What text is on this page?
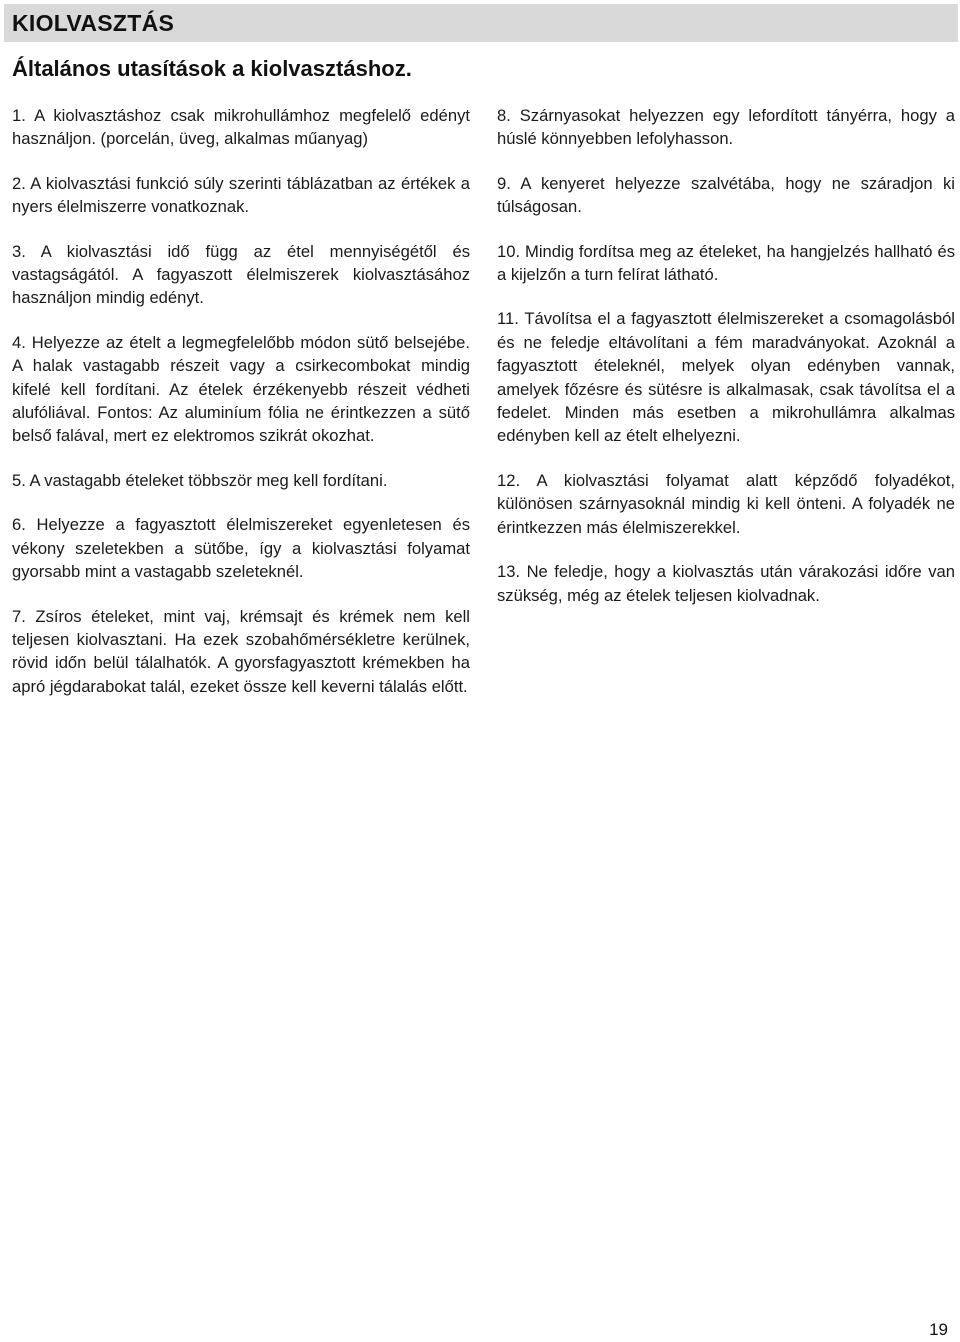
KIOLVASZTÁS
Általános utasítások a kiolvasztáshoz.

1. A kiolvasztáshoz csak mikrohullámhoz megfelelő edényt használjon. (porcelán, üveg, alkalmas műanyag)

2. A kiolvasztási funkció súly szerinti táblázatban az értékek a nyers élelmiszerre vonatkoznak.

3. A kiolvasztási idő függ az étel mennyiségétől és vastagságától. A fagyaszott élelmiszerek kiolvasztásához használjon mindig edényt.

4. Helyezze az ételt a legmegfelelőbb módon sütő belsejébe. A halak vastagabb részeit vagy a csirkecombokat mindig kifelé kell fordítani. Az ételek érzékenyebb részeit védheti alufóliával. Fontos: Az aluminíum fólia ne érintkezzen a sütő belső falával, mert ez elektromos szikrát okozhat.

5. A vastagabb ételeket többször meg kell fordítani.

6. Helyezze a fagyasztott élelmiszereket egyenletesen és vékony szeletekben a sütőbe, így a kiolvasztási folyamat gyorsabb mint a vastagabb szeleteknél.

7. Zsíros ételeket, mint vaj, krémsajt és krémek nem kell teljesen kiolvasztani. Ha ezek szobahőmérsékletre kerülnek, rövid időn belül tálalhatók. A gyorsfagyasztott krémekben ha apró jégdarabokat talál, ezeket össze kell keverni tálalás előtt.

8. Szárnyasokat helyezzen egy lefordított tányérra, hogy a húslé könnyebben lefolyhasson.

9. A kenyeret helyezze szalvétába, hogy ne száradjon ki túlságosan.

10. Mindig fordítsa meg az ételeket, ha hangjelzés hallható és a kijelzőn a turn felírat látható.

11. Távolítsa el a fagyasztott élelmiszereket a csomagolásból és ne feledje eltávolítani a fém maradványokat. Azoknál a fagyasztott ételeknél, melyek olyan edényben vannak, amelyek főzésre és sütésre is alkalmasak, csak távolítsa el a fedelet. Minden más esetben a mikrohullámra alkalmas edényben kell az ételt elhelyezni.

12. A kiolvasztási folyamat alatt képződő folyadékot, különösen szárnyasoknál mindig ki kell önteni. A folyadék ne érintkezzen más élelmiszerekkel.

13. Ne feledje, hogy a kiolvasztás után várakozási időre van szükség, még az ételek teljesen kiolvadnak.

19
